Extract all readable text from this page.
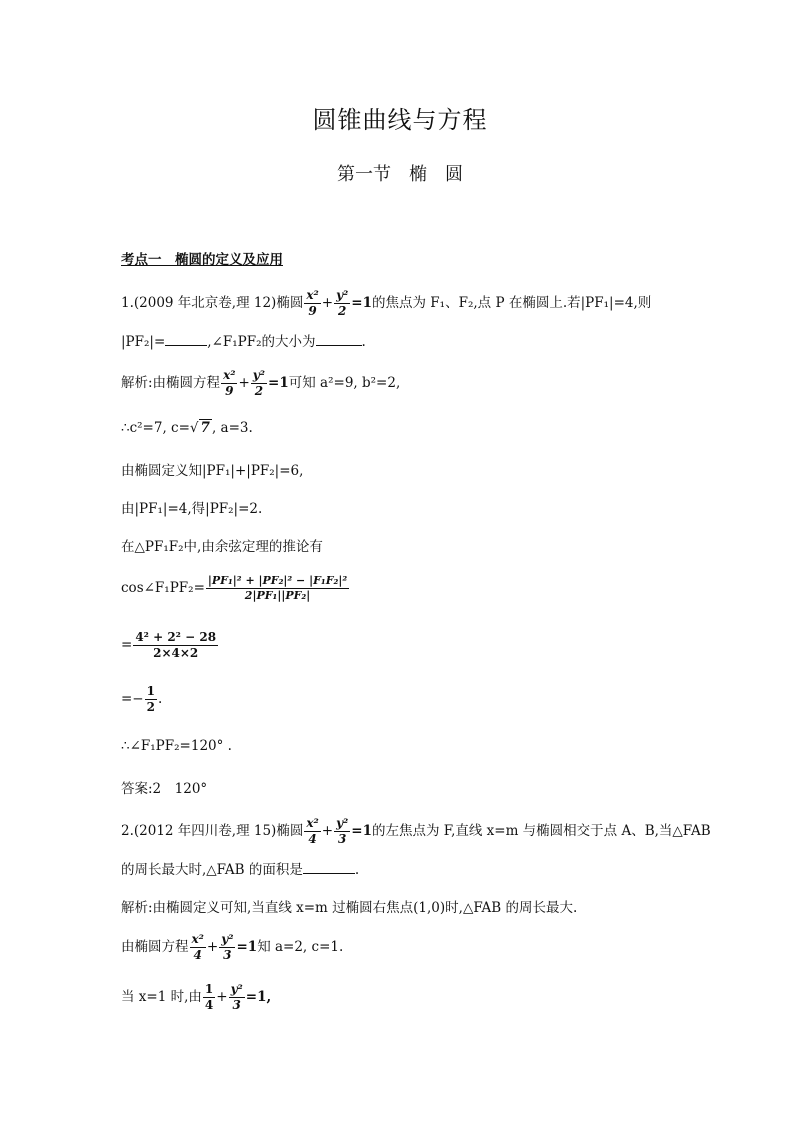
圆锥曲线与方程
第一节　椭　圆
考点一　椭圆的定义及应用
1.(2009 年北京卷,理 12)椭圆 $\frac{\text{x²}}{9} + \frac{\text{y²}}{2} =1$的焦点为 F₁、F₂,点 P 在椭圆上.若|PF₁|=4,则
|PF₂|=	,∠F₁PF₂的大小为	.
解析:由椭圆方程 $\frac{\text{x²}}{9} + \frac{\text{y²}}{2} =1$可知 a²=9, b²=2,
∴c²=7, c=√ 7 , a=3.
由椭圆定义知|PF₁|+|PF₂|=6,
由|PF₁|=4,得|PF₂|=2.
在△PF₁F₂中,由余弦定理的推论有
cos∠F₁PF₂= $\frac{\text{|PF₁|² + |PF₂|² − |F₁F₂|²}}{\text{2|PF₁||PF₂|}}$
= $\frac{\text{4² + 2² − 28}}{2\times 4\times 2}$
=− $\frac{1}{2}$ .
∴∠F₁PF₂=120° .
答案:2　120°
2.(2012 年四川卷,理 15)椭圆 $\frac{\text{x²}}{4} + \frac{\text{y²}}{3} =1$的左焦点为 F,直线 x=m 与椭圆相交于点 A、B,当△FAB
的周长最大时,△FAB 的面积是	.
解析:由椭圆定义可知,当直线 x=m 过椭圆右焦点(1,0)时,△FAB 的周长最大.
由椭圆方程 $\frac{\text{x²}}{4} + \frac{\text{y²}}{3} =1$知 a=2, c=1.
当 x=1 时,由 $\frac{1}{4} + \frac{\text{y²}}{3} =1$,
